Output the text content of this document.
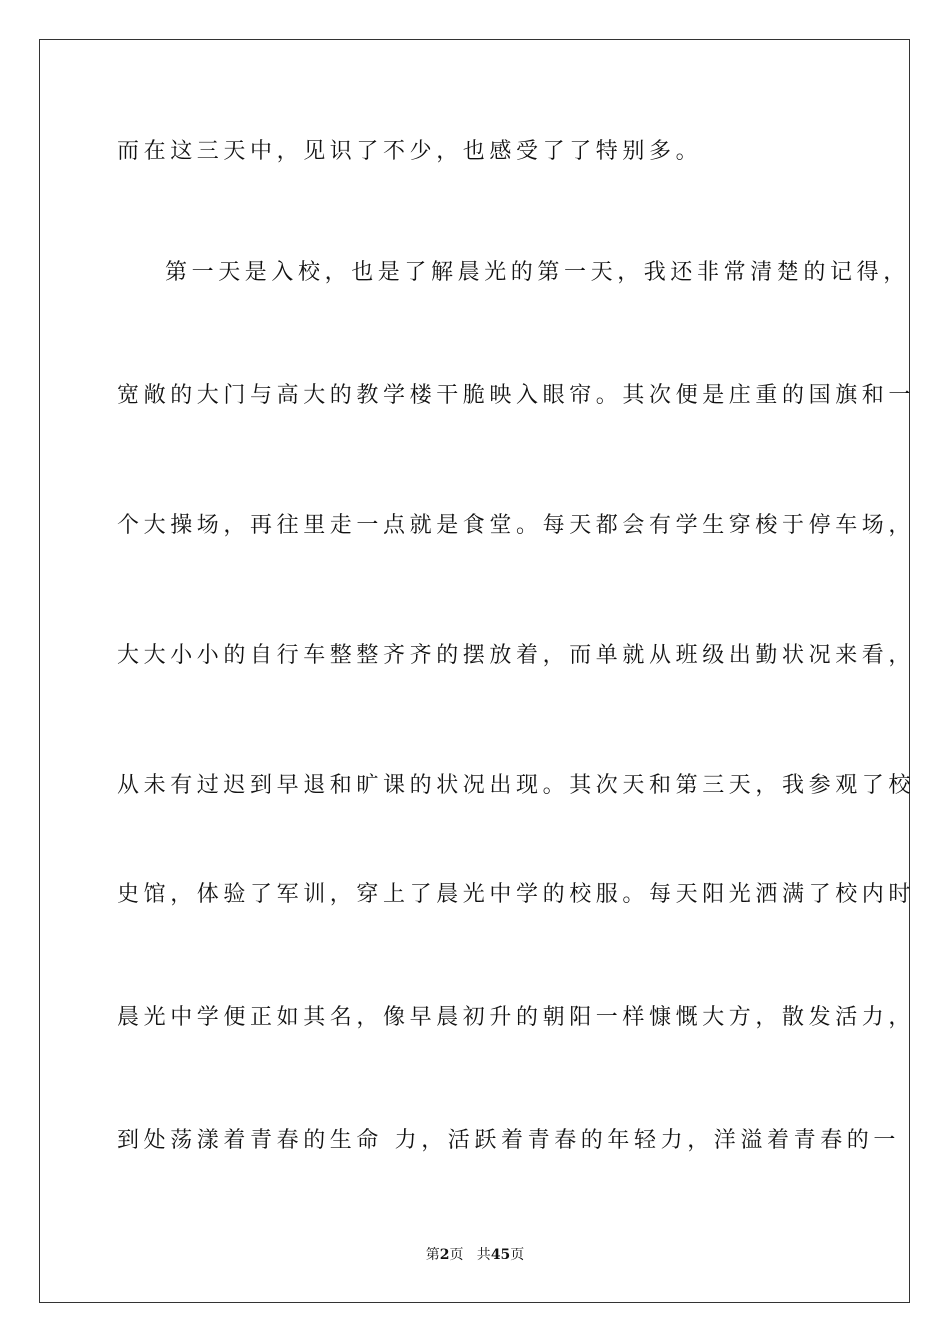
而在这三天中，见识了不少，也感受了了特别多。
第一天是入校，也是了解晨光的第一天，我还非常清楚的记得，
宽敞的大门与高大的教学楼干脆映入眼帘。其次便是庄重的国旗和一
个大操场，再往里走一点就是食堂。每天都会有学生穿梭于停车场，
大大小小的自行车整整齐齐的摆放着，而单就从班级出勤状况来看，
从未有过迟到早退和旷课的状况出现。其次天和第三天，我参观了校
史馆，体验了军训，穿上了晨光中学的校服。每天阳光洒满了校内时
晨光中学便正如其名，像早晨初升的朝阳一样慷慨大方，散发活力，
到处荡漾着青春的生命 力，活跃着青春的年轻力，洋溢着青春的一
第2页   共45页
